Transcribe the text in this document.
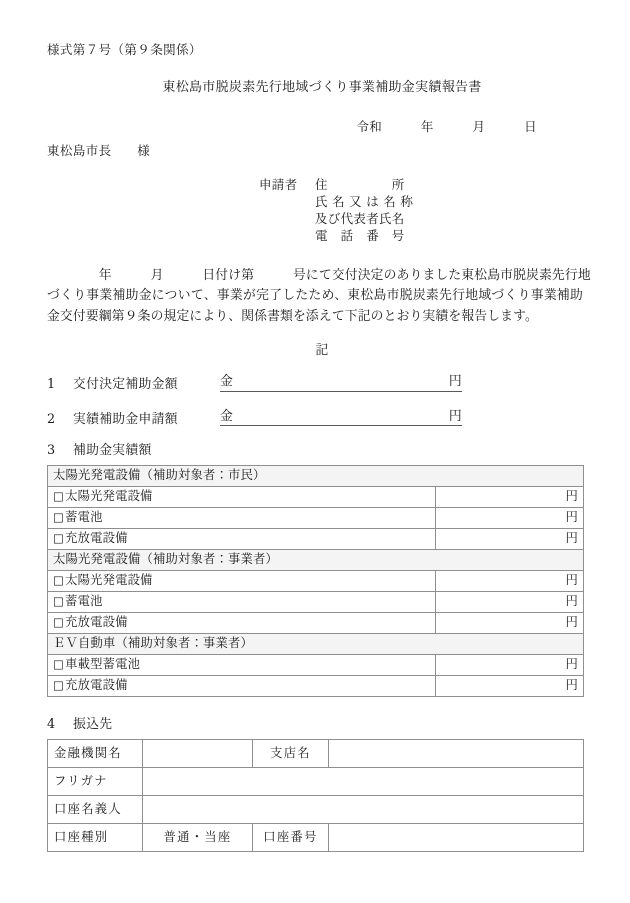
様式第７号（第９条関係）
東松島市脱炭素先行地域づくり事業補助金実績報告書
令和　　　年　　　月　　　日
東松島市長　　様
申請者 住　　　　　所
氏 名 又 は 名 称
及び代表者氏名
電　話　番　号
　　　　年　　　月　　　日付け第　　　号にて交付決定のありました東松島市脱炭素先行地づくり事業補助金について、事業が完了したため、東松島市脱炭素先行地域づくり事業補助金交付要綱第９条の規定により、関係書類を添えて下記のとおり実績を報告します。
記
1	交付決定補助金額	金	円
2	実績補助金申請額	金	円
3 補助金実績額
太陽光発電設備（補助対象者：市民）	
□太陽光発電設備	円
□蓄電池	円
□充放電設備	円
太陽光発電設備（補助対象者：事業者）	
□太陽光発電設備	円
□蓄電池	円
□充放電設備	円
ＥＶ自動車（補助対象者：事業者）	
□車載型蓄電池	円
□充放電設備	円
4 振込先
金融機関名		支店名	
フリガナ			
口座名義人			
口座種別	普通・当座	口座番号	
